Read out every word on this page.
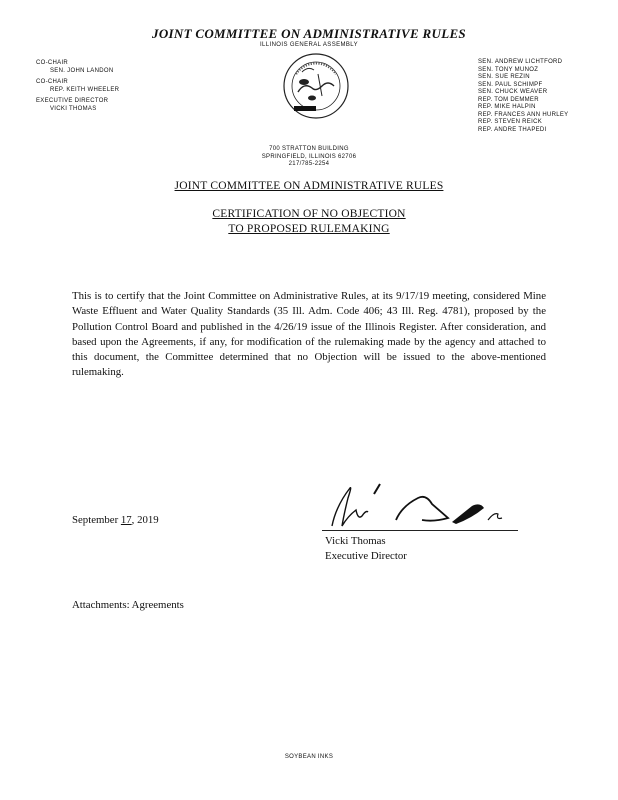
JOINT COMMITTEE ON ADMINISTRATIVE RULES
ILLINOIS GENERAL ASSEMBLY
CO-CHAIR
SEN. JOHN LANDON
CO-CHAIR
REP. KEITH WHEELER
EXECUTIVE DIRECTOR
VICKI THOMAS
SEN. ANDREW LICHTFORD
SEN. TONY MUNOZ
SEN. SUE REZIN
SEN. PAUL SCHIMPF
SEN. CHUCK WEAVER
REP. TOM DEMMER
REP. MIKE HALPIN
REP. FRANCES ANN HURLEY
REP. STEVEN REICK
REP. ANDRE THAPEDI
700 STRATTON BUILDING
SPRINGFIELD, ILLINOIS 62706
217/785-2254
JOINT COMMITTEE ON ADMINISTRATIVE RULES
CERTIFICATION OF NO OBJECTION
TO PROPOSED RULEMAKING
This is to certify that the Joint Committee on Administrative Rules, at its 9/17/19 meeting, considered Mine Waste Effluent and Water Quality Standards (35 Ill. Adm. Code 406; 43 Ill. Reg. 4781), proposed by the Pollution Control Board and published in the 4/26/19 issue of the Illinois Register. After consideration, and based upon the Agreements, if any, for modification of the rulemaking made by the agency and attached to this document, the Committee determined that no Objection will be issued to the above-mentioned rulemaking.
September 17, 2019
Vicki Thomas
Executive Director
Attachments: Agreements
SOYBEAN INKS
